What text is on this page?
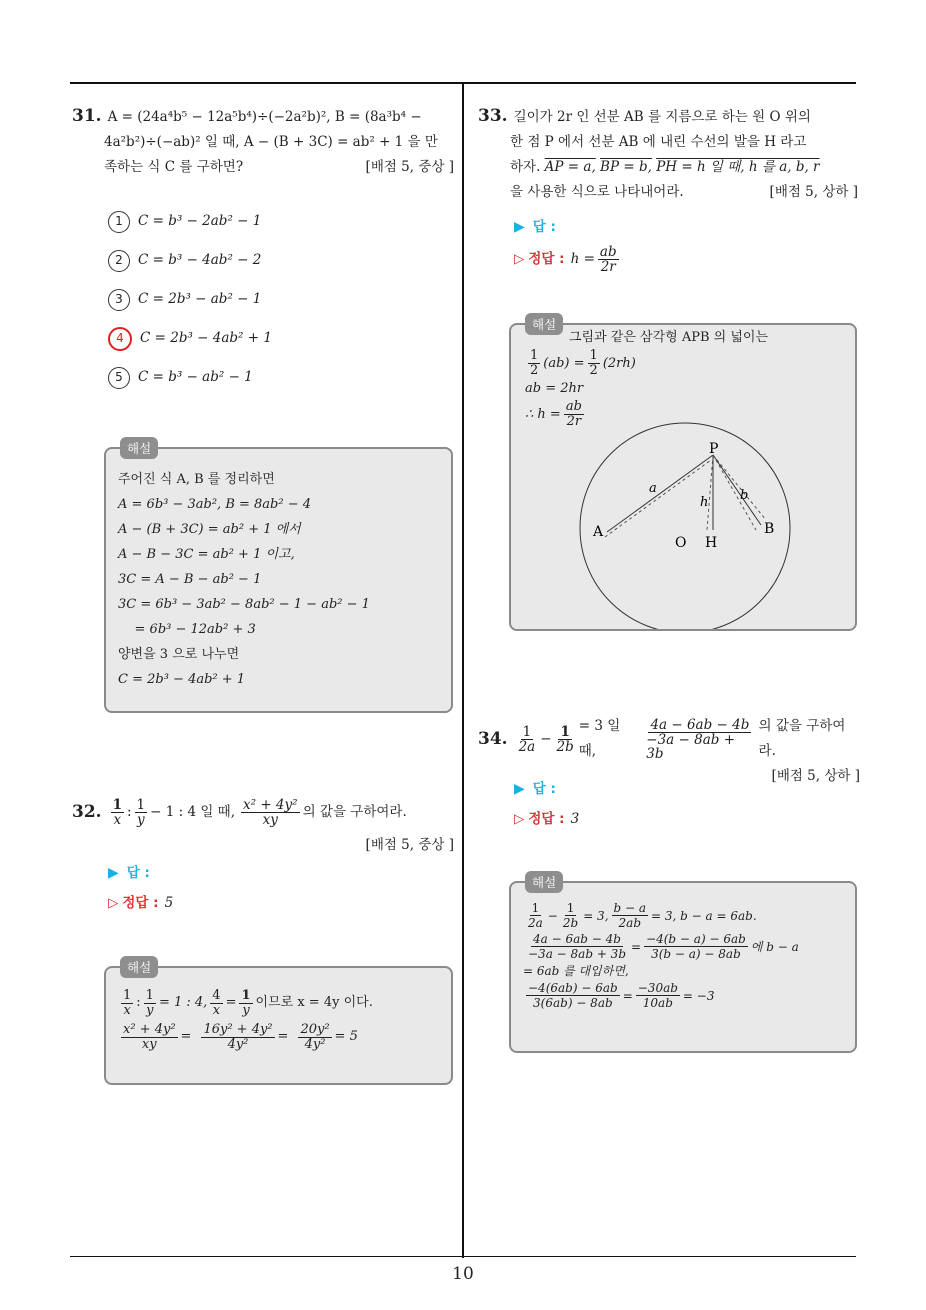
10
31. A = (24a⁴b⁵ − 12a⁵b⁴)÷(−2a²b)², B = (8a³b⁴ −
4a²b²)÷(−ab)² 일 때, A − (B + 3C) = ab² + 1 을 만
족하는 식 C 를 구하면?	[배점 5, 중상 ]
1	C = b³ − 2ab² − 1
2	C = b³ − 4ab² − 2
3	C = 2b³ − ab² − 1
4	C = 2b³ − 4ab² + 1
5	C = b³ − ab² − 1
해설
주어진 식 A, B 를 정리하면
A = 6b³ − 3ab², B = 8ab² − 4
A − (B + 3C) = ab² + 1 에서
A − B − 3C = ab² + 1 이고,
3C = A − B − ab² − 1
3C = 6b³ − 3ab² − 8ab² − 1 − ab² − 1
= 6b³ − 12ab² + 3
양변을 3 으로 나누면
C = 2b³ − 4ab² + 1
32. $\frac{1}{x}$ : $\frac{1}{y} - 1$ : 4 일 때, $\frac{\text{x² + 4y²}}{xy}$ 의 값을 구하여라.
[배점 5, 중상 ]
▶ 답 :
▷ 정답 : 5
해설
$\frac{1}{x}$ : $\frac{1}{y} = 1$ : 4, $\frac{4}{x} = \frac{1}{y}$ 이므로 x = 4y 이다.
$\frac{\text{x² + 4y²}}{xy} = \frac{\text{16y² + 4y²}}{\text{4y²}} = \frac{\text{20y²}}{\text{4y²}} = 5$
33. 길이가 2r 인 선분 AB 를 지름으로 하는 원 O 위의
한 점 P 에서 선분 AB 에 내린 수선의 발을 H 라고
하자. AP = a, BP = b, PH = h 일 때, h 를 a, b, r
을 사용한 식으로 나타내어라.	[배점 5, 상하 ]
▶ 답 :
▷ 정답 : $h = \frac{ab}{2r}$
해설
그림과 같은 삼각형 APB 의 넓이는
$\frac{1}{2} (ab) = \frac{1}{2} (2rh)$
ab = 2hr
∴ $h = \frac{ab}{2r}$
P
A	B
O H
a	b
h
34. $\frac{1}{2a} - \frac{1}{2b} = 3$ 일 때,	$\frac{4a - 6ab - 4b}{-3a - 8ab + 3b}$ 의 값을 구하여라.
[배점 5, 상하 ]
▶ 답 :
▷ 정답 : 3
해설
$\frac{1}{2a} - \frac{1}{2b} = 3$, $\frac{b - a}{2ab} = 3$, b − a = 6ab.
$\frac{4a - 6ab - 4b}{-3a - 8ab + 3b} = \frac{-4(b - a) - 6ab}{3(b - a) - 8ab}$ 에 b − a
= 6ab 를 대입하면,
$\frac{-4(6ab) - 6ab}{3(6ab) - 8ab} = \frac{-30ab}{10ab} = -3$
